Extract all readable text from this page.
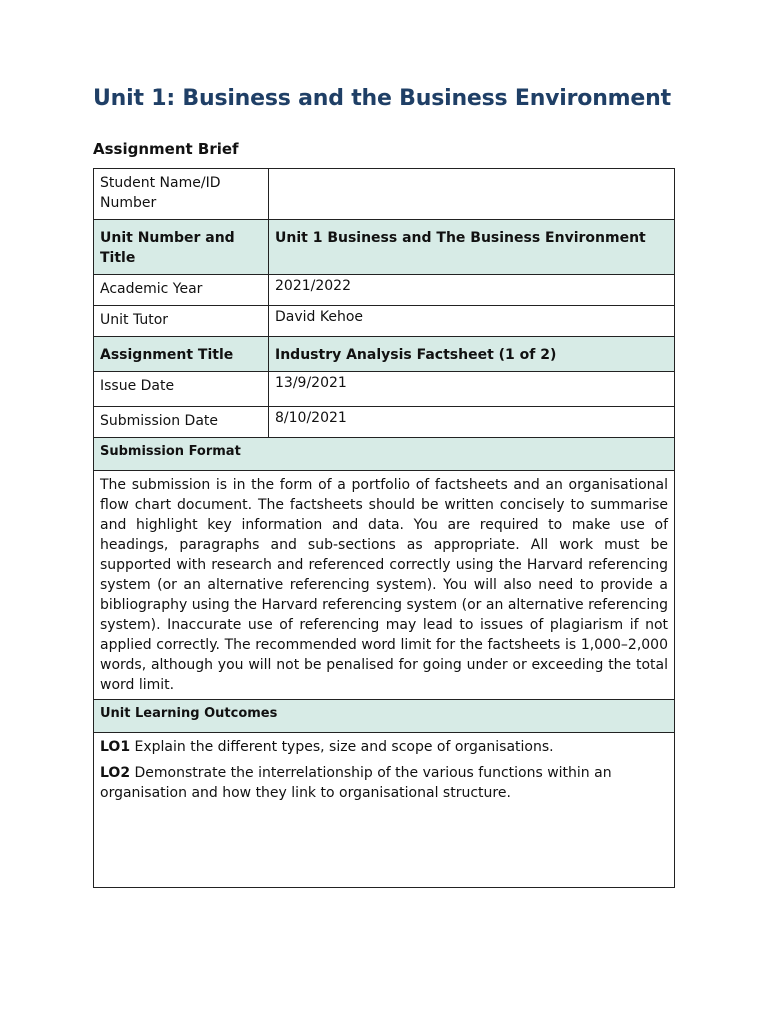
Unit 1: Business and the Business Environment
Assignment Brief
Student Name/ID Number	
Unit Number and Title	Unit 1 Business and The Business Environment
Academic Year	2021/2022
Unit Tutor	David Kehoe
Assignment Title	Industry Analysis Factsheet (1 of 2)
Issue Date	13/9/2021
Submission Date	8/10/2021
Submission Format	
The submission is in the form of a portfolio of factsheets and an organisational flow chart document. The factsheets should be written concisely to summarise and highlight key information and data. You are required to make use of headings, paragraphs and sub-sections as appropriate. All work must be supported with research and referenced correctly using the Harvard referencing system (or an alternative referencing system). You will also need to provide a bibliography using the Harvard referencing system (or an alternative referencing system). Inaccurate use of referencing may lead to issues of plagiarism if not applied correctly. The recommended word limit for the factsheets is 1,000–2,000 words, although you will not be penalised for going under or exceeding the total word limit.	
Unit Learning Outcomes	

LO1 Explain the different types, size and scope of organisations.
LO2 Demonstrate the interrelationship of the various functions within an organisation and how they link to organisational structure.	
